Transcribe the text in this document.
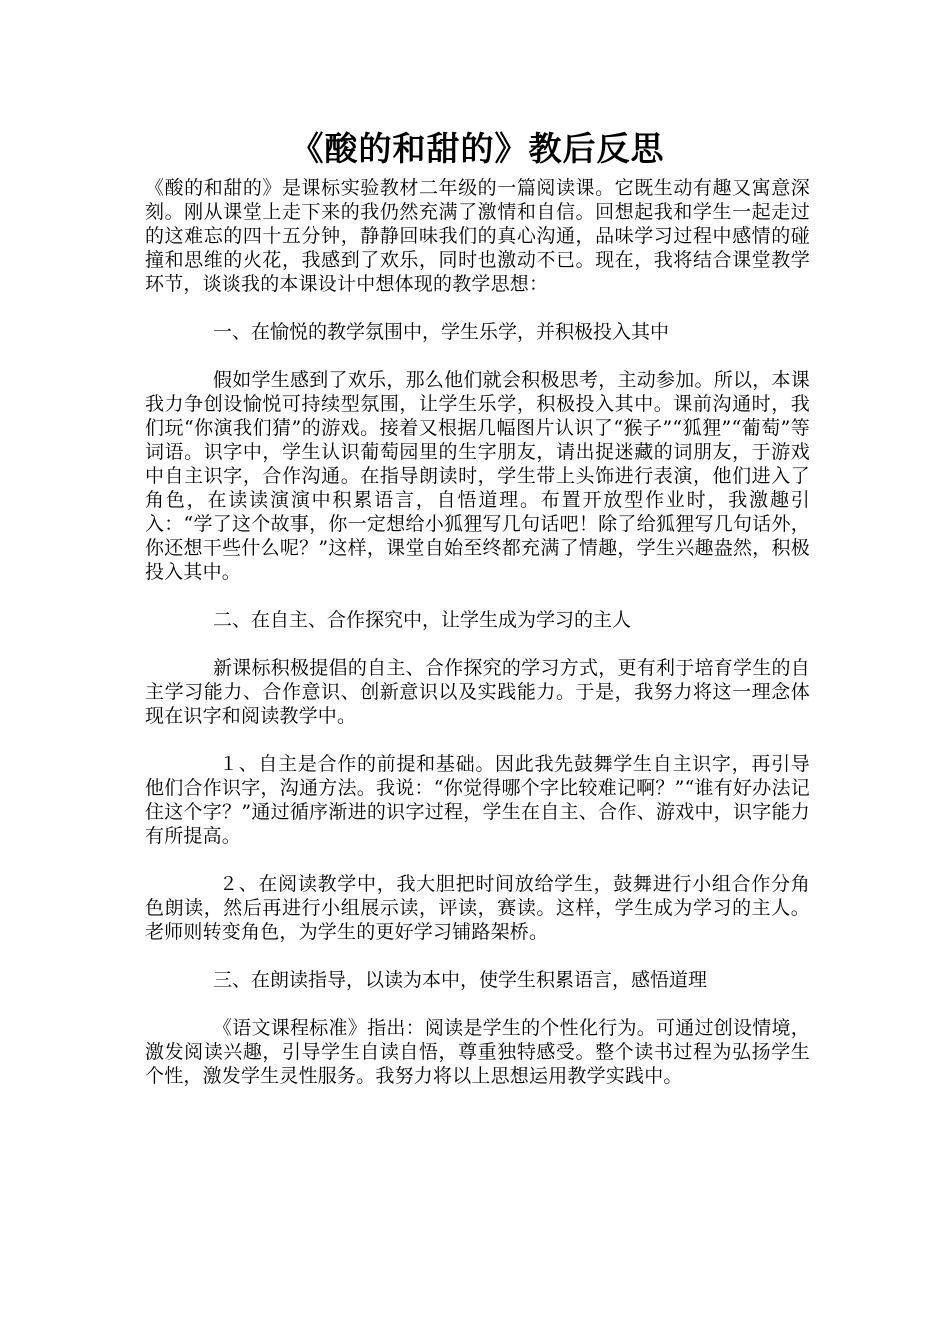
《酸的和甜的》教后反思

《酸的和甜的》是课标实验教材二年级的一篇阅读课。它既生动有趣又寓意深刻。刚从课堂上走下来的我仍然充满了激情和自信。回想起我和学生一起走过的这难忘的四十五分钟，静静回味我们的真心沟通，品味学习过程中感情的碰撞和思维的火花，我感到了欢乐，同时也激动不已。现在，我将结合课堂教学环节，谈谈我的本课设计中想体现的教学思想：

一、在愉悦的教学氛围中，学生乐学，并积极投入其中

假如学生感到了欢乐，那么他们就会积极思考，主动参加。所以，本课我力争创设愉悦可持续型氛围，让学生乐学，积极投入其中。课前沟通时，我们玩“你演我们猜”的游戏。接着又根据几幅图片认识了“猴子”“狐狸”“葡萄”等词语。识字中，学生认识葡萄园里的生字朋友，请出捉迷藏的词朋友，于游戏中自主识字，合作沟通。在指导朗读时，学生带上头饰进行表演，他们进入了角色，在读读演演中积累语言，自悟道理。布置开放型作业时，我激趣引入：“学了这个故事，你一定想给小狐狸写几句话吧！除了给狐狸写几句话外，你还想干些什么呢？”这样，课堂自始至终都充满了情趣，学生兴趣盎然，积极投入其中。

二、在自主、合作探究中，让学生成为学习的主人

新课标积极提倡的自主、合作探究的学习方式，更有利于培育学生的自主学习能力、合作意识、创新意识以及实践能力。于是，我努力将这一理念体现在识字和阅读教学中。

１、自主是合作的前提和基础。因此我先鼓舞学生自主识字，再引导他们合作识字，沟通方法。我说：“你觉得哪个字比较难记啊？”“谁有好办法记住这个字？”通过循序渐进的识字过程，学生在自主、合作、游戏中，识字能力有所提高。

２、在阅读教学中，我大胆把时间放给学生，鼓舞进行小组合作分角色朗读，然后再进行小组展示读，评读，赛读。这样，学生成为学习的主人。老师则转变角色，为学生的更好学习铺路架桥。

三、在朗读指导，以读为本中，使学生积累语言，感悟道理

《语文课程标准》指出：阅读是学生的个性化行为。可通过创设情境，激发阅读兴趣，引导学生自读自悟，尊重独特感受。整个读书过程为弘扬学生个性，激发学生灵性服务。我努力将以上思想运用教学实践中。
